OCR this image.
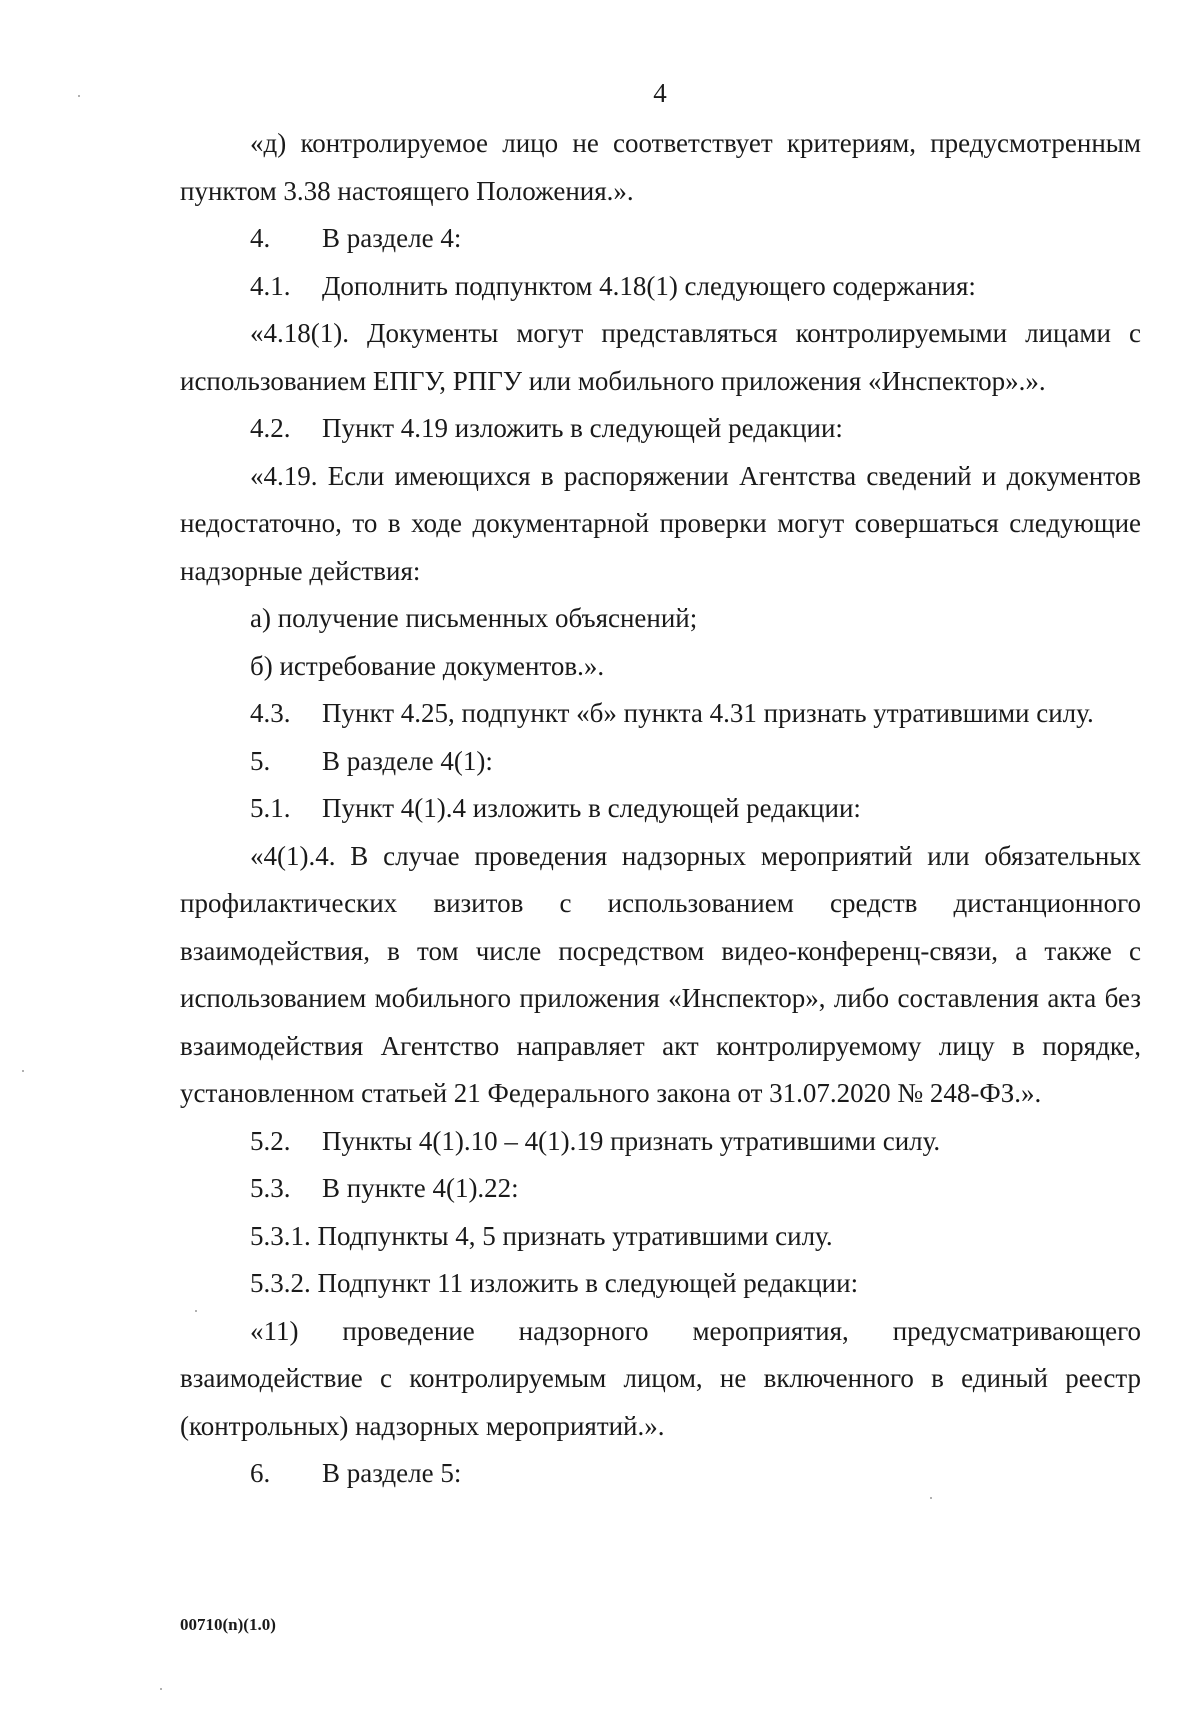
4

«д) контролируемое лицо не соответствует критериям, предусмотренным пунктом 3.38 настоящего Положения.».

4.	В разделе 4:
4.1.	Дополнить подпунктом 4.18(1) следующего содержания:

«4.18(1). Документы могут представляться контролируемыми лицами с использованием ЕПГУ, РПГУ или мобильного приложения «Инспектор».».

4.2.	Пункт 4.19 изложить в следующей редакции:

«4.19. Если имеющихся в распоряжении Агентства сведений и документов недостаточно, то в ходе документарной проверки могут совершаться следующие надзорные действия:

а) получение письменных объяснений;

б) истребование документов.».

4.3.	Пункт 4.25, подпункт «б» пункта 4.31 признать утратившими силу.
5.	В разделе 4(1):
5.1.	Пункт 4(1).4 изложить в следующей редакции:

«4(1).4. В случае проведения надзорных мероприятий или обязательных профилактических визитов с использованием средств дистанционного взаимодействия, в том числе посредством видео-конференц-связи, а также с использованием мобильного приложения «Инспектор», либо составления акта без взаимодействия Агентство направляет акт контролируемому лицу в порядке, установленном статьей 21 Федерального закона от 31.07.2020 № 248-ФЗ.».

5.2.	Пункты 4(1).10 – 4(1).19 признать утратившими силу.
5.3.	В пункте 4(1).22:

5.3.1. Подпункты 4, 5 признать утратившими силу.

5.3.2. Подпункт 11 изложить в следующей редакции:

«11) проведение надзорного мероприятия, предусматривающего взаимодействие с контролируемым лицом, не включенного в единый реестр (контрольных) надзорных мероприятий.».

6.	В разделе 5:
00710(n)(1.0)
